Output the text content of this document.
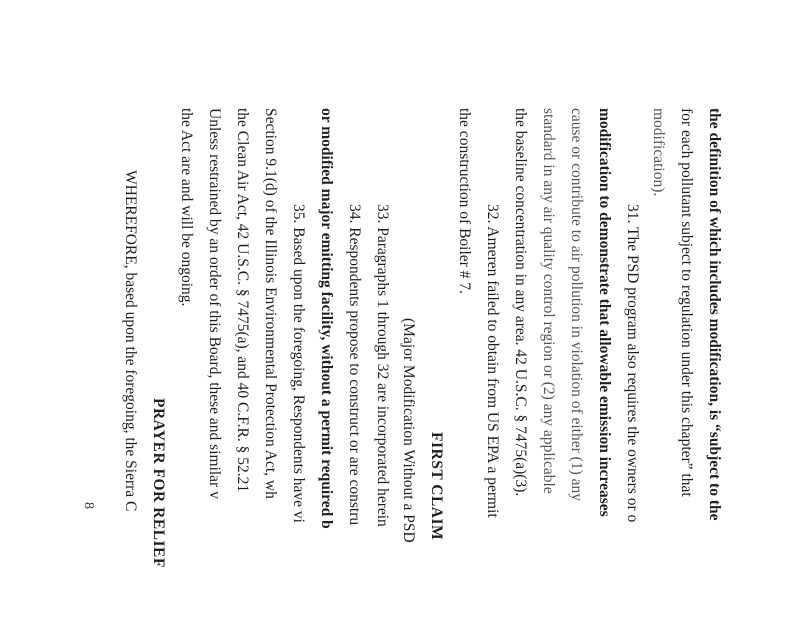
the definition of which includes modification, is “subject to the
for each pollutant subject to regulation under this chapter” that
modification).
31. The PSD program also requires the owners or o
modification to demonstrate that allowable emission increases
cause or contribute to air pollution in violation of either (1) any
standard in any air quality control region or (2) any applicable
the baseline concentration in any area. 42 U.S.C. § 7475(a)(3).
32. Ameren failed to obtain from US EPA a permit
the construction of Boiler # 7.
FIRST CLAIM
(Major Modification Without a PSD
33. Paragraphs 1 through 32 are incorporated herein
34. Respondents propose to construct or are constru
or modified major emitting facility, without a permit required b
35. Based upon the foregoing, Respondents have vi
Section 9.1(d) of the Illinois Environmental Protection Act, wh
the Clean Air Act, 42 U.S.C. § 7475(a), and 40 C.F.R. § 52.21
Unless restrained by an order of this Board, these and similar v
the Act are and will be ongoing.
PRAYER FOR RELIEF
WHEREFORE, based upon the foregoing, the Sierra C
8
